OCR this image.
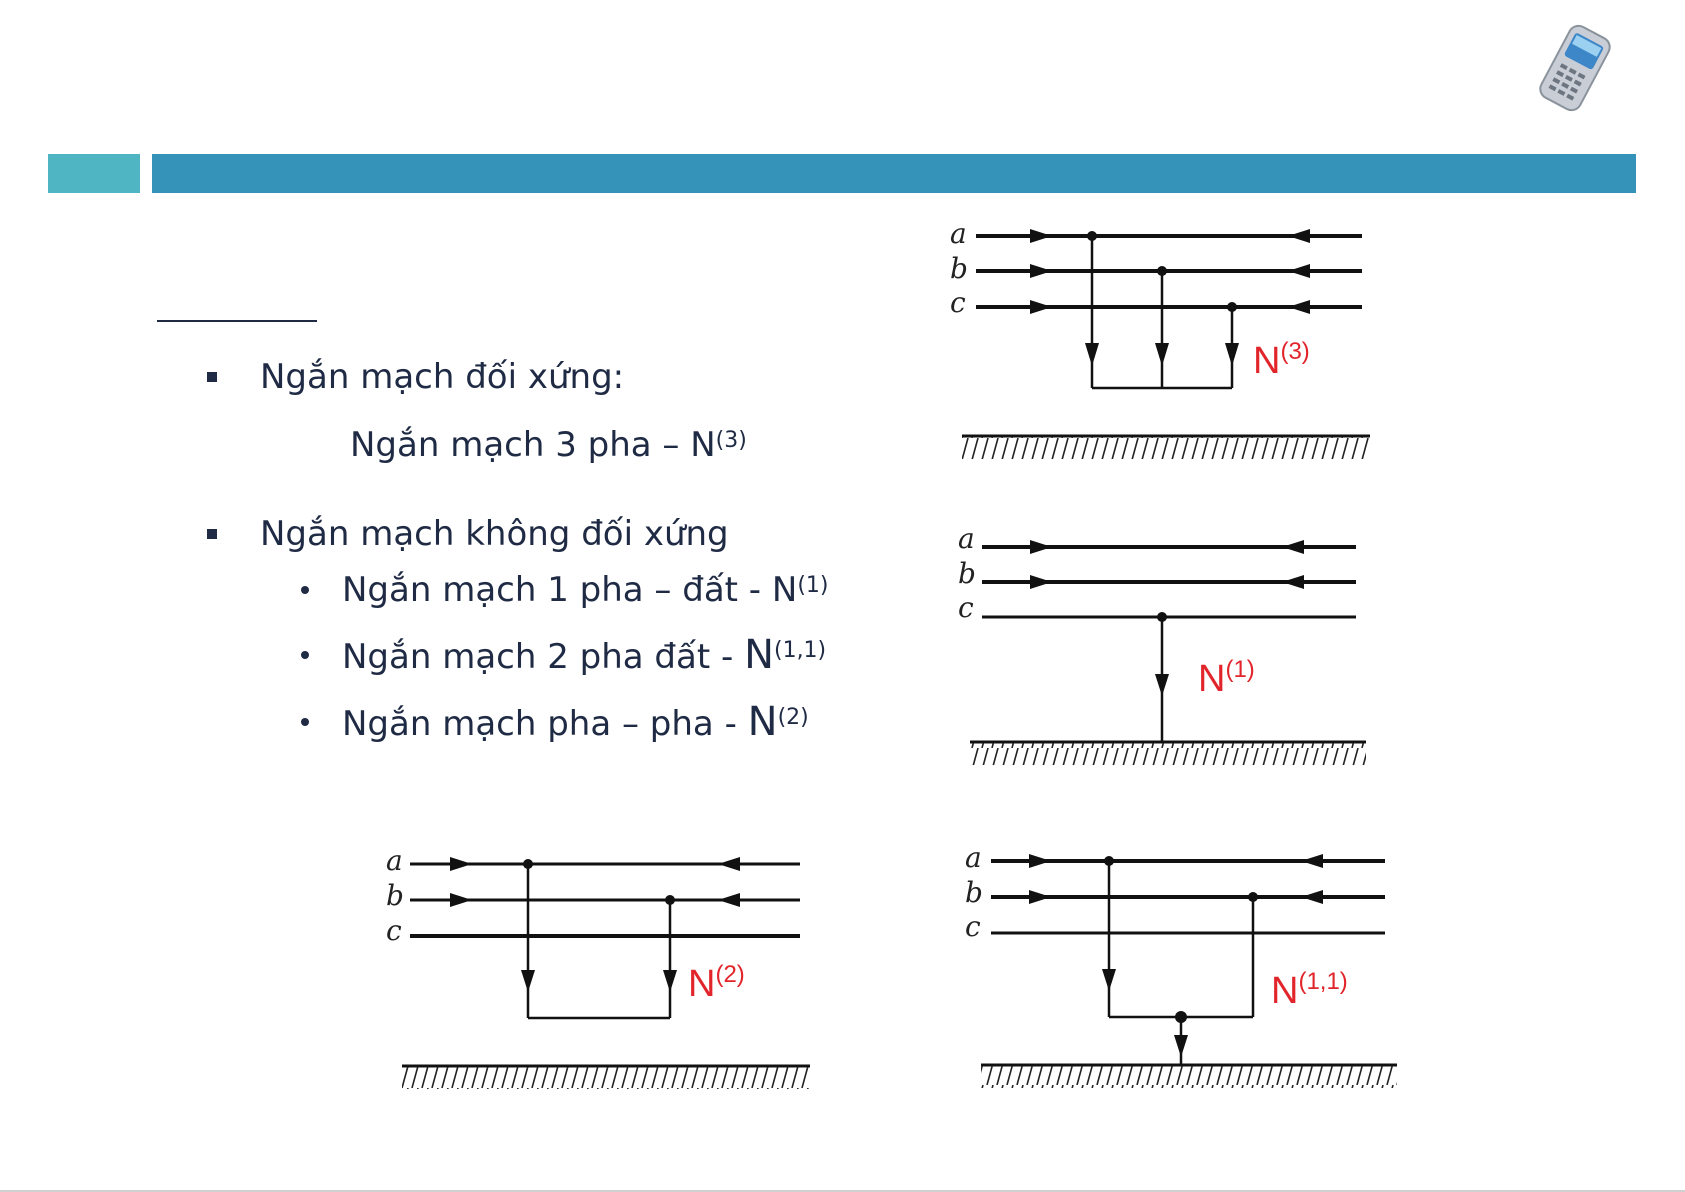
Ngắn mạch đối xứng:
Ngắn mạch 3 pha – $N^{(3)}$
Ngắn mạch không đối xứng
Ngắn mạch 1 pha – đất - $N^{(1)}$
Ngắn mạch 2 pha đất - N$^{(1,1)}$
Ngắn mạch pha – pha - $N^{(2)}$
a
b
c
N(3)
a
b
c
N(1)
a
b
c
N(2)
a
b
c
N(1,1)
